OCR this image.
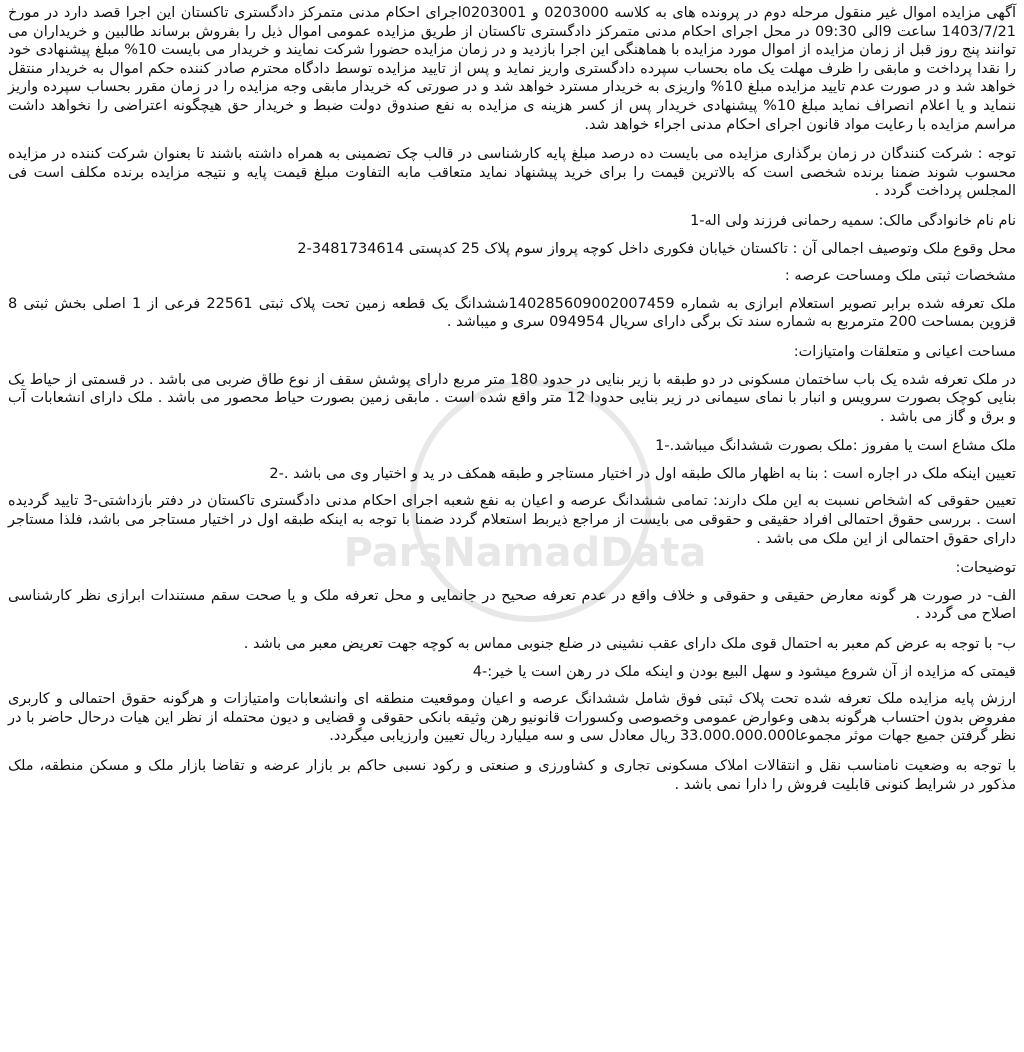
ParsNamadData

آگهی مزایده اموال غیر منقول مرحله دوم در پرونده های به کلاسه 0203000 و 0203001اجرای احکام مدنی متمرکز دادگستری تاکستان این اجرا قصد دارد در مورخ 1403/7/21 ساعت 9الی 09:30 در محل اجرای احکام مدنی متمرکز دادگستری تاکستان از طریق مزایده عمومی اموال ذیل را بفروش برساند طالبین و خریداران می توانند پنج روز قبل از زمان مزایده از اموال مورد مزایده با هماهنگی این اجرا بازدید و در زمان مزایده حضورا شرکت نمایند و خریدار می بایست 10% مبلغ پیشنهادی خود را نقدا پرداخت و مابقی را ظرف مهلت یک ماه بحساب سپرده دادگستری واریز نماید و پس از تایید مزایده توسط دادگاه محترم صادر کننده حکم اموال به خریدار منتقل خواهد شد و در صورت عدم تایید مزایده مبلغ 10% واریزی به خریدار مسترد خواهد شد و در صورتی که خریدار مابقی وجه مزایده را در زمان مقرر بحساب سپرده واریز ننماید و یا اعلام انصراف نماید مبلغ 10% پیشنهادی خریدار پس از کسر هزینه ی مزایده به نفع صندوق دولت ضبط و خریدار حق هیچگونه اعتراضی را نخواهد داشت مراسم مزایده با رعایت مواد قانون اجرای احکام مدنی اجراء خواهد شد.

توجه : شرکت کنندگان در زمان برگذاری مزایده می بایست ده درصد مبلغ پایه کارشناسی در قالب چک تضمینی به همراه داشته باشند تا بعنوان شرکت کننده در مزایده محسوب شوند ضمنا برنده شخصی است که بالاترین قیمت را برای خرید پیشنهاد نماید متعاقب مابه التفاوت مبلغ قیمت پایه و نتیجه مزایده برنده مکلف است فی المجلس پرداخت گردد .

نام نام خانوادگی مالک: سمیه رحمانی فرزند ولی اله-1

محل وقوع ملک وتوصیف اجمالی آن : تاکستان خیابان فکوری داخل کوچه پرواز سوم پلاک 25 کدپستی 3481734614-2

مشخصات ثبتی ملک ومساحت عرصه :

ملک تعرفه شده برابر تصویر استعلام ابرازی به شماره 140285609002007459ششدانگ یک قطعه زمین تحت پلاک ثبتی 22561 فرعی از 1 اصلی بخش ثبتی 8 قزوین بمساحت 200 مترمربع به شماره سند تک برگی دارای سریال 094954 سری و میباشد .

مساحت اعیانی و متعلقات وامتیازات:

در ملک تعرفه شده یک باب ساختمان مسکونی در دو طبقه با زیر بنایی در حدود 180 متر مربع دارای پوشش سقف از نوع طاق ضربی می باشد . در قسمتی از حیاط یک بنایی کوچک بصورت سرویس و انبار با نمای سیمانی در زیر بنایی حدودا 12 متر واقع شده است . مابقی زمین بصورت حیاط محصور می باشد . ملک دارای انشعابات آب و برق و گاز می باشد .

ملک مشاع است یا مفروز :ملک بصورت ششدانگ میباشد.-1

تعیین اینکه ملک در اجاره است : بنا به اظهار مالک طبقه اول در اختیار مستاجر و طبقه همکف در ید و اختیار وی می باشد .-2

تعیین حقوقی که اشخاص نسبت به این ملک دارند: تمامی ششدانگ عرصه و اعیان به نفع شعبه اجرای احکام مدنی دادگستری تاکستان در دفتر بازداشتی-3 تایید گردیده است . بررسی حقوق احتمالی افراد حقیقی و حقوقی می بایست از مراجع ذیربط استعلام گردد ضمنا با توجه به اینکه طبقه اول در اختیار مستاجر می باشد، فلذا مستاجر دارای حقوق احتمالی از این ملک می باشد .

توضیحات:

الف- در صورت هر گونه معارض حقیقی و حقوقی و خلاف واقع در عدم تعرفه صحیح در جانمایی و محل تعرفه ملک و یا صحت سقم مستندات ابرازی نظر کارشناسی اصلاح می گردد .

ب- با توجه به عرض کم معبر به احتمال قوی ملک دارای عقب نشینی در ضلع جنوبی مماس به کوچه جهت تعریض معبر می باشد .

قیمتی که مزایده از آن شروع میشود و سهل البیع بودن و اینکه ملک در رهن است یا خیر:-4

ارزش پایه مزایده ملک تعرفه شده تحت پلاک ثبتی فوق شامل ششدانگ عرصه و اعیان وموقعیت منطقه ای وانشعابات وامتیازات و هرگونه حقوق احتمالی و کاربری مفروض بدون احتساب هرگونه بدهی وعوارض عمومی وخصوصی وکسورات قانونیو رهن وثیقه بانکی حقوقی و قضایی و دیون محتمله از نظر این هیات درحال حاضر با در نظر گرفتن جمیع جهات موثر مجموعا33.000.000.000 ریال معادل سی و سه میلیارد ریال تعیین وارزیابی میگردد.

با توجه به وضعیت نامناسب نقل و انتقالات املاک مسکونی تجاری و کشاورزی و صنعتی و رکود نسبی حاکم بر بازار عرضه و تقاضا بازار ملک و مسکن منطقه، ملک مذکور در شرایط کنونی قابلیت فروش را دارا نمی باشد .
